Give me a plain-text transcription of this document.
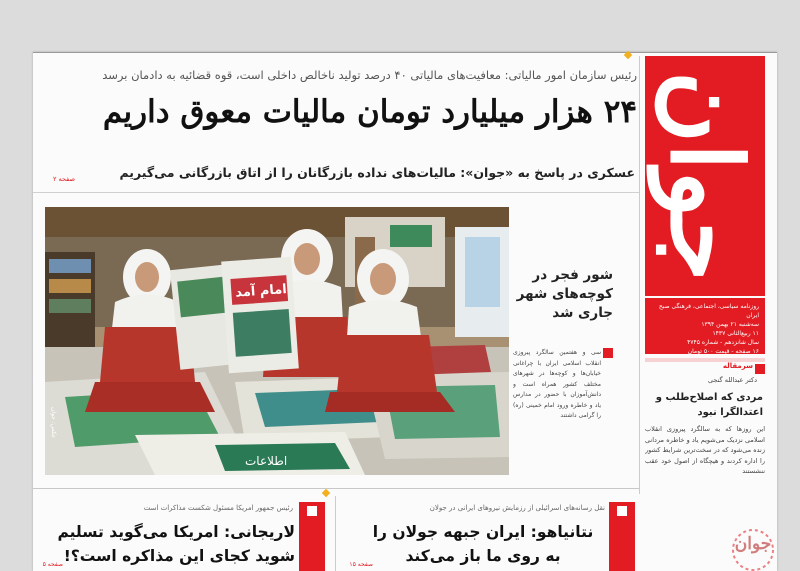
جوان
روزنامه سیاسی، اجتماعی، فرهنگی صبح ایران
سه‌شنبه ۲۱ بهمن ۱۳۹۴
۱۱ ربیع‌الثانی ۱۴۳۷
سال شانزدهم - شماره ۴۷۴۵
۱۶ صفحه - قیمت ۵۰۰ تومان
رئیس سازمان امور مالیاتی: معافیت‌های مالیاتی ۴۰ درصد تولید ناخالص داخلی است، قوه قضائیه به دادمان برسد
۲۴ هزار میلیارد تومان مالیات معوق داریم
عسکری در پاسخ به «جوان»: مالیات‌های نداده بازرگانان را از اتاق بازرگانی می‌گیریم
صفحه ۲
اطلاعات
امام آمد
عکس: جوان
شور فجر در کوچه‌های شهر جاری شد
سی و هفتمین سالگرد پیروزی انقلاب اسلامی ایران با چراغانی خیابان‌ها و کوچه‌ها در شهرهای مختلف کشور همراه است و دانش‌آموزان با حضور در مدارس یاد و خاطره ورود امام خمینی (ره) را گرامی داشتند
سرمقاله
دکتر عبدالله گنجی
مردی که اصلاح‌طلب و اعتدالگرا نبود
این روزها که به سالگرد پیروزی انقلاب اسلامی نزدیک می‌شویم یاد و خاطره مردانی زنده می‌شود که در سخت‌ترین شرایط کشور را اداره کردند و هیچگاه از اصول خود عقب ننشستند
رئیس جمهور امریکا مسئول شکست مذاکرات است
لاریجانی: امریکا می‌گوید تسلیم شوید کجای این مذاکره است؟!
صفحه ۵
نقل رسانه‌های اسرائیلی از رزمایش نیروهای ایرانی در جولان
نتانیاهو: ایران جبهه جولان را به روی ما باز می‌کند
صفحه ۱۵
جوان
